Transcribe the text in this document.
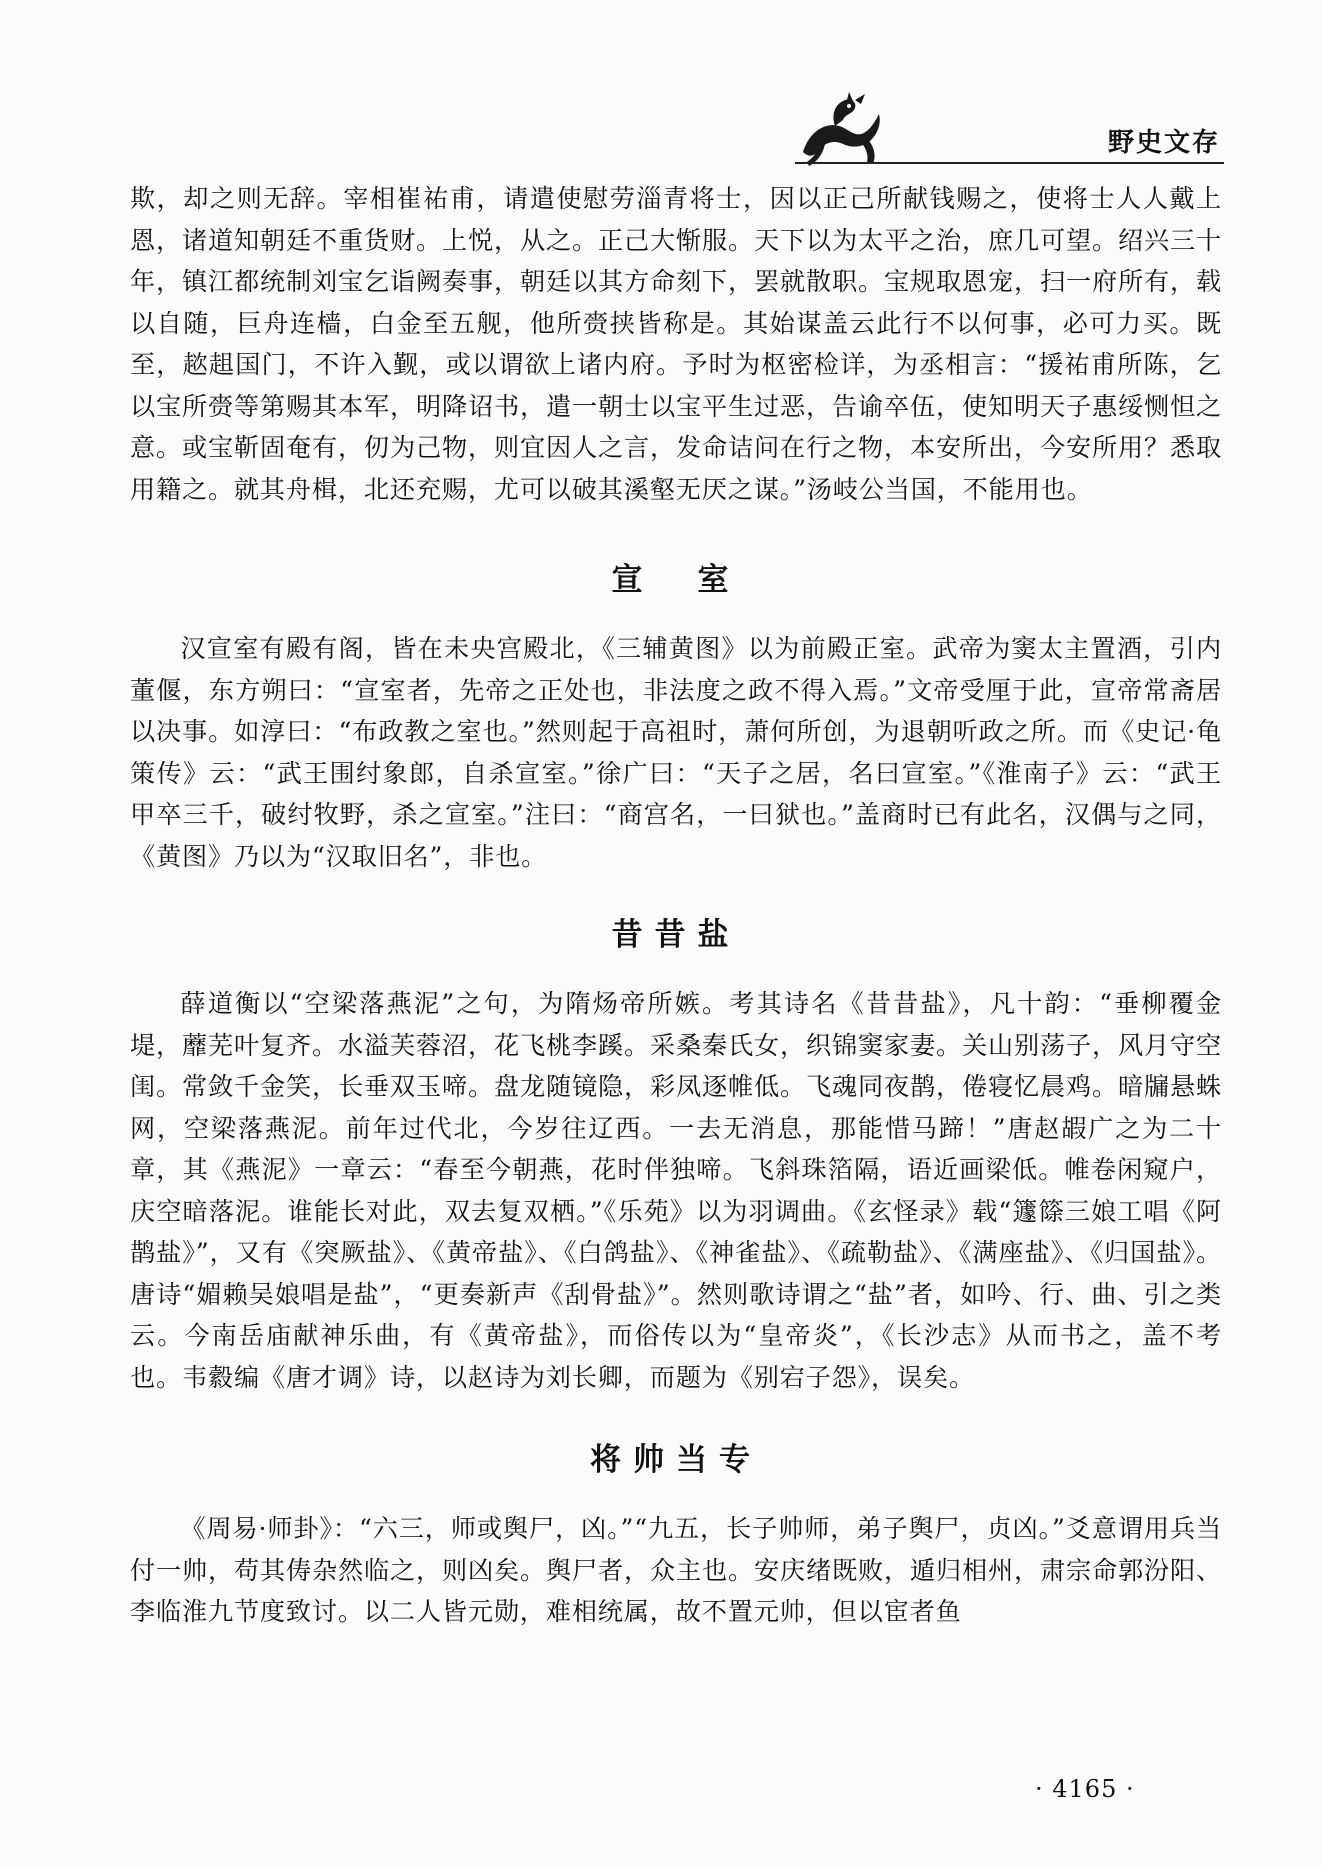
野史文存

欺，却之则无辞。宰相崔祐甫，请遣使慰劳淄青将士，因以正己所献钱赐之，使将士人人戴上恩，诸道知朝廷不重货财。上悦，从之。正己大惭服。天下以为太平之治，庶几可望。绍兴三十年，镇江都统制刘宝乞诣阙奏事，朝廷以其方命刻下，罢就散职。宝规取恩宠，扫一府所有，载以自随，巨舟连樯，白金至五舰，他所赍挟皆称是。其始谋盖云此行不以何事，必可力买。既至，趑趄国门，不许入觐，或以谓欲上诸内府。予时为枢密检详，为丞相言：“援祐甫所陈，乞以宝所赍等第赐其本军，明降诏书，遣一朝士以宝平生过恶，告谕卒伍，使知明天子惠绥恻怛之意。或宝靳固奄有，仞为己物，则宜因人之言，发命诘问在行之物，本安所出，今安所用？悉取用籍之。就其舟楫，北还充赐，尤可以破其溪壑无厌之谋。”汤岐公当国，不能用也。

宣　室

汉宣室有殿有阁，皆在未央宫殿北，《三辅黄图》以为前殿正室。武帝为窦太主置酒，引内董偃，东方朔曰：“宣室者，先帝之正处也，非法度之政不得入焉。”文帝受厘于此，宣帝常斋居以决事。如淳曰：“布政教之室也。”然则起于高祖时，萧何所创，为退朝听政之所。而《史记·龟策传》云：“武王围纣象郎，自杀宣室。”徐广曰：“天子之居，名曰宣室。”《淮南子》云：“武王甲卒三千，破纣牧野，杀之宣室。”注曰：“商宫名，一曰狱也。”盖商时已有此名，汉偶与之同，《黄图》乃以为“汉取旧名”，非也。

昔昔盐

薛道衡以“空梁落燕泥”之句，为隋炀帝所嫉。考其诗名《昔昔盐》，凡十韵：“垂柳覆金堤，蘼芜叶复齐。水溢芙蓉沼，花飞桃李蹊。采桑秦氏女，织锦窦家妻。关山别荡子，风月守空闺。常敛千金笑，长垂双玉啼。盘龙随镜隐，彩凤逐帷低。飞魂同夜鹊，倦寝忆晨鸡。暗牖悬蛛网，空梁落燕泥。前年过代北，今岁往辽西。一去无消息，那能惜马蹄！”唐赵嘏广之为二十章，其《燕泥》一章云：“春至今朝燕，花时伴独啼。飞斜珠箔隔，语近画梁低。帷卷闲窥户，庆空暗落泥。谁能长对此，双去复双栖。”《乐苑》以为羽调曲。《玄怪录》载“籧篨三娘工唱《阿鹊盐》”，又有《突厥盐》、《黄帝盐》、《白鸽盐》、《神雀盐》、《疏勒盐》、《满座盐》、《归国盐》。唐诗“媚赖吴娘唱是盐”，“更奏新声《刮骨盐》”。然则歌诗谓之“盐”者，如吟、行、曲、引之类云。今南岳庙献神乐曲，有《黄帝盐》，而俗传以为“皇帝炎”，《长沙志》从而书之，盖不考也。韦縠编《唐才调》诗，以赵诗为刘长卿，而题为《别宕子怨》，误矣。

将帅当专

《周易·师卦》：“六三，师或舆尸，凶。”“九五，长子帅师，弟子舆尸，贞凶。”爻意谓用兵当付一帅，苟其俦杂然临之，则凶矣。舆尸者，众主也。安庆绪既败，遁归相州，肃宗命郭汾阳、李临淮九节度致讨。以二人皆元勋，难相统属，故不置元帅，但以宦者鱼

· 4165 ·
